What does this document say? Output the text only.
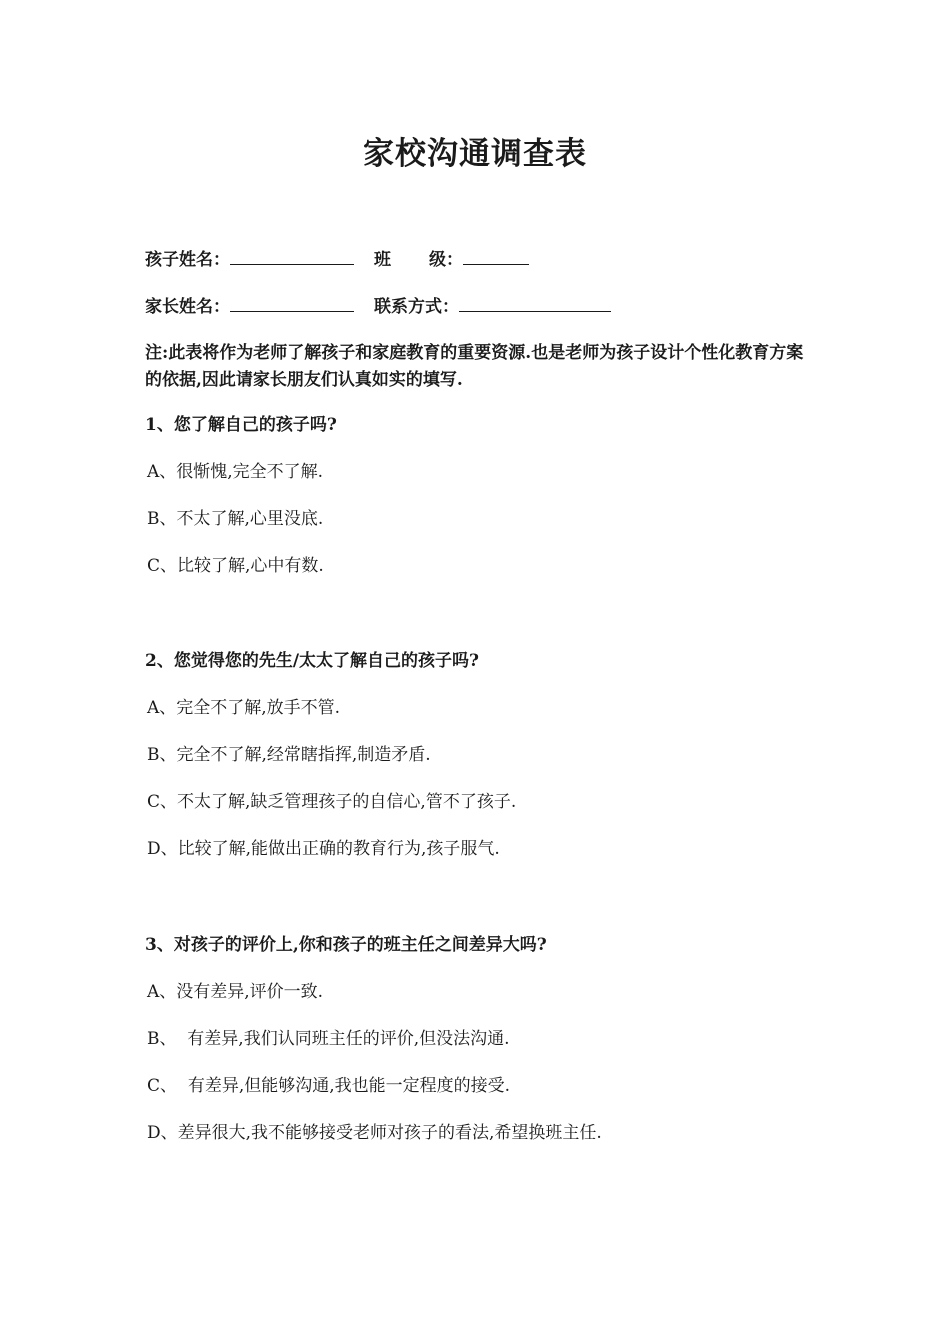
家校沟通调查表
孩子姓名：	班 级：
家长姓名：	联系方式：
注:此表将作为老师了解孩子和家庭教育的重要资源.也是老师为孩子设计个性化教育方案的依据,因此请家长朋友们认真如实的填写.
1、您了解自己的孩子吗?
A、很惭愧,完全不了解.
B、不太了解,心里没底.
C、比较了解,心中有数.
2、您觉得您的先生/太太了解自己的孩子吗?
A、完全不了解,放手不管.
B、完全不了解,经常瞎指挥,制造矛盾.
C、不太了解,缺乏管理孩子的自信心,管不了孩子.
D、比较了解,能做出正确的教育行为,孩子服气.
3、对孩子的评价上,你和孩子的班主任之间差异大吗?
A、没有差异,评价一致.
B、  有差异,我们认同班主任的评价,但没法沟通.
C、  有差异,但能够沟通,我也能一定程度的接受.
D、差异很大,我不能够接受老师对孩子的看法,希望换班主任.
